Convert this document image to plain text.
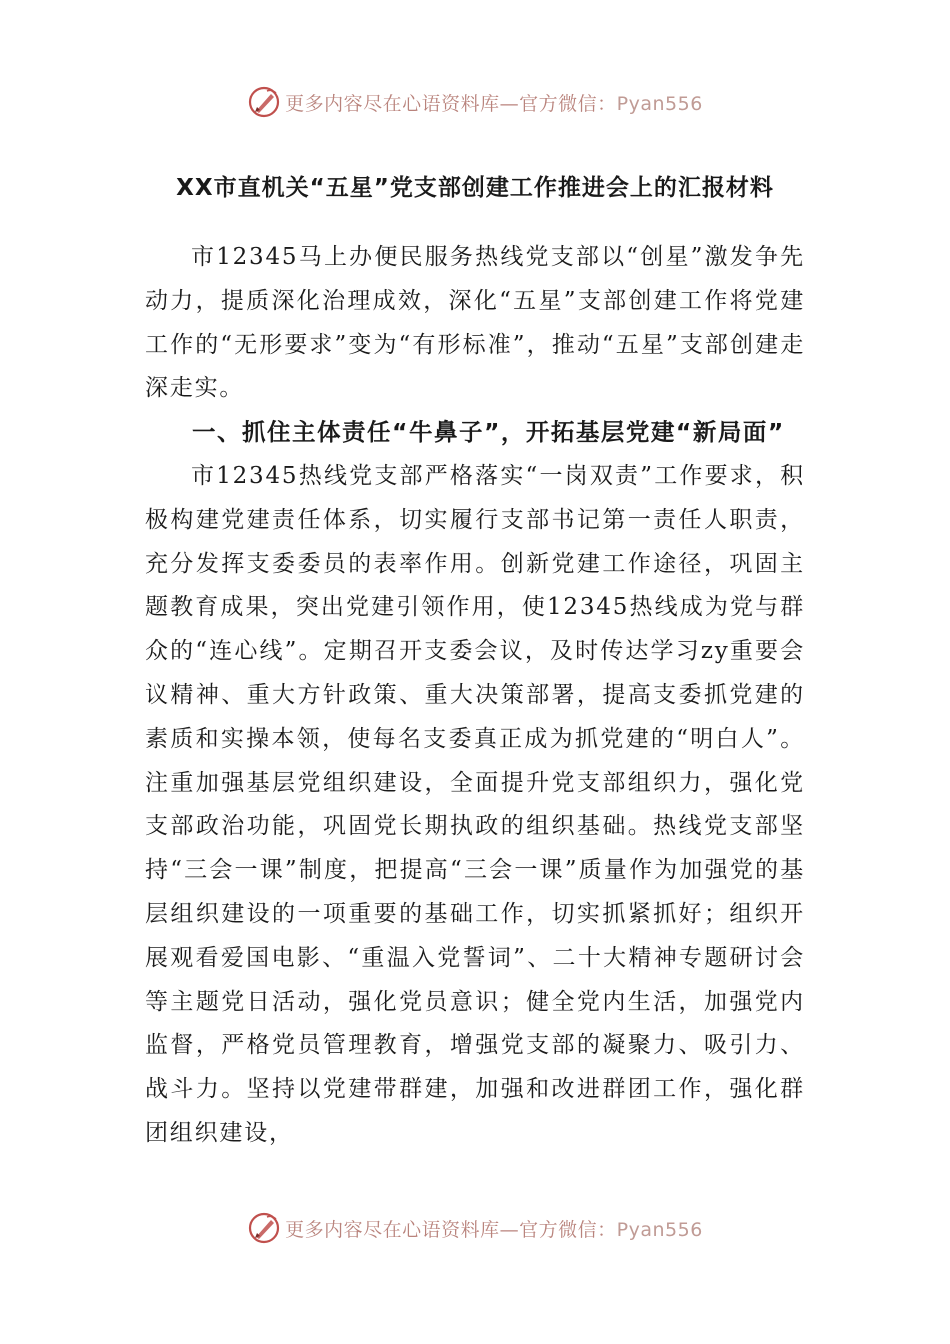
更多内容尽在心语资料库—官方微信：Pyan556
XX市直机关“五星”党支部创建工作推进会上的汇报材料

市12345马上办便民服务热线党支部以“创星”激发争先动力，提质深化治理成效，深化“五星”支部创建工作将党建工作的“无形要求”变为“有形标准”，推动“五星”支部创建走深走实。

一、抓住主体责任“牛鼻子”，开拓基层党建“新局面”

市12345热线党支部严格落实“一岗双责”工作要求，积极构建党建责任体系，切实履行支部书记第一责任人职责，充分发挥支委委员的表率作用。创新党建工作途径，巩固主题教育成果，突出党建引领作用，使12345热线成为党与群众的“连心线”。定期召开支委会议，及时传达学习zy重要会议精神、重大方针政策、重大决策部署，提高支委抓党建的素质和实操本领，使每名支委真正成为抓党建的“明白人”。注重加强基层党组织建设，全面提升党支部组织力，强化党支部政治功能，巩固党长期执政的组织基础。热线党支部坚持“三会一课”制度，把提高“三会一课”质量作为加强党的基层组织建设的一项重要的基础工作，切实抓紧抓好；组织开展观看爱国电影、“重温入党誓词”、二十大精神专题研讨会等主题党日活动，强化党员意识；健全党内生活，加强党内监督，严格党员管理教育，增强党支部的凝聚力、吸引力、战斗力。坚持以党建带群建，加强和改进群团工作，强化群团组织建设，

更多内容尽在心语资料库—官方微信：Pyan556
